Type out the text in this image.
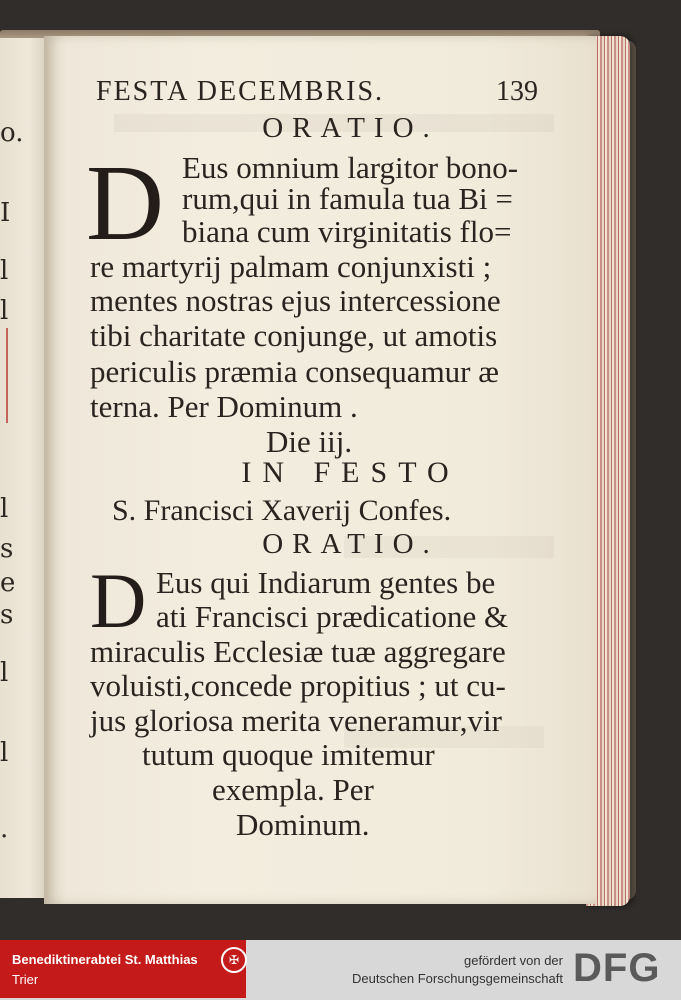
o.
I
l
l
l
s
e
s
l
l
.
FESTA DECEMBRIS.	139
ORATIO.
D Eus omnium largitor bono-
rum,qui in famula tua Bi =
biana cum virginitatis flo=
re martyrij palmam conjunxisti ;
mentes nostras ejus intercessione
tibi charitate conjunge, ut amotis
periculis præmia consequamur æ
terna. Per Dominum .
Die iij.
IN FESTO
S. Francisci Xaverij Confes.
ORATIO.
D Eus qui Indiarum gentes be
ati Francisci prædicatione &
miraculis Ecclesiæ tuæ aggregare
voluisti,concede propitius ; ut cu-
jus gloriosa merita veneramur,vir
tutum quoque imitemur
exempla. Per
Dominum.
Benediktinerabtei St. Matthias
Trier
✠	gefördert von der
Deutschen Forschungsgemeinschaft DFG
